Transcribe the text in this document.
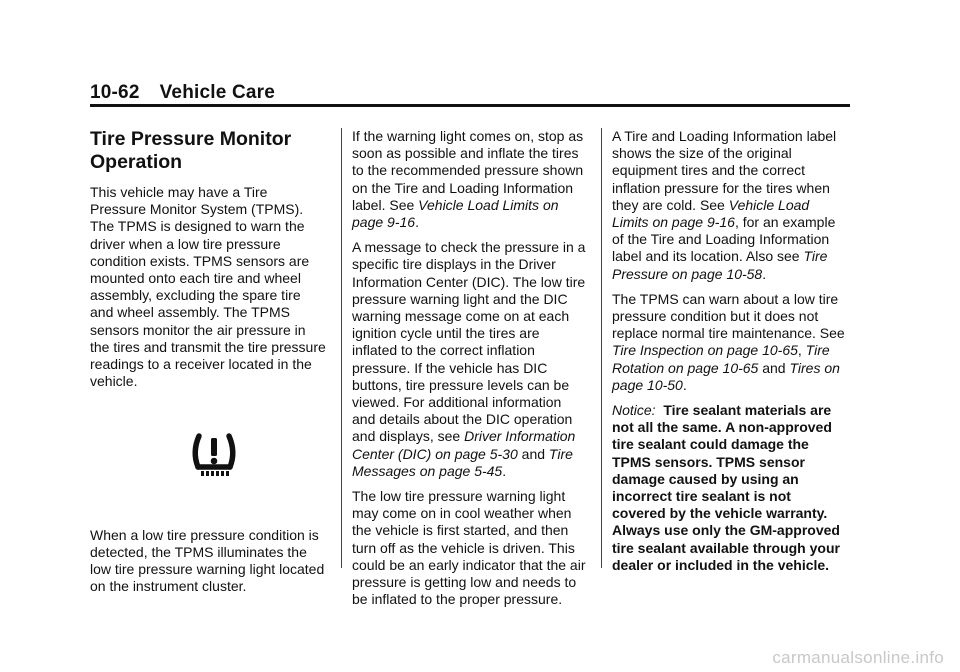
10-62 Vehicle Care
Tire Pressure Monitor
Operation

This vehicle may have a Tire Pressure Monitor System (TPMS). The TPMS is designed to warn the driver when a low tire pressure condition exists. TPMS sensors are mounted onto each tire and wheel assembly, excluding the spare tire and wheel assembly. The TPMS sensors monitor the air pressure in the tires and transmit the tire pressure readings to a receiver located in the vehicle.

When a low tire pressure condition is detected, the TPMS illuminates the low tire pressure warning light located on the instrument cluster.

If the warning light comes on, stop as soon as possible and inflate the tires to the recommended pressure shown on the Tire and Loading Information label. See Vehicle Load Limits on page 9-16.

A message to check the pressure in a specific tire displays in the Driver Information Center (DIC). The low tire pressure warning light and the DIC warning message come on at each ignition cycle until the tires are inflated to the correct inflation pressure. If the vehicle has DIC buttons, tire pressure levels can be viewed. For additional information and details about the DIC operation and displays, see Driver Information Center (DIC) on page 5-30 and Tire Messages on page 5-45.

The low tire pressure warning light may come on in cool weather when the vehicle is first started, and then turn off as the vehicle is driven. This could be an early indicator that the air pressure is getting low and needs to be inflated to the proper pressure.

A Tire and Loading Information label shows the size of the original equipment tires and the correct inflation pressure for the tires when they are cold. See Vehicle Load Limits on page 9-16, for an example of the Tire and Loading Information label and its location. Also see Tire Pressure on page 10-58.

The TPMS can warn about a low tire pressure condition but it does not replace normal tire maintenance. See Tire Inspection on page 10-65, Tire Rotation on page 10-65 and Tires on page 10-50.

Notice: Tire sealant materials are not all the same. A non-approved tire sealant could damage the TPMS sensors. TPMS sensor damage caused by using an incorrect tire sealant is not covered by the vehicle warranty. Always use only the GM-approved tire sealant available through your dealer or included in the vehicle.

carmanualsonline.info
